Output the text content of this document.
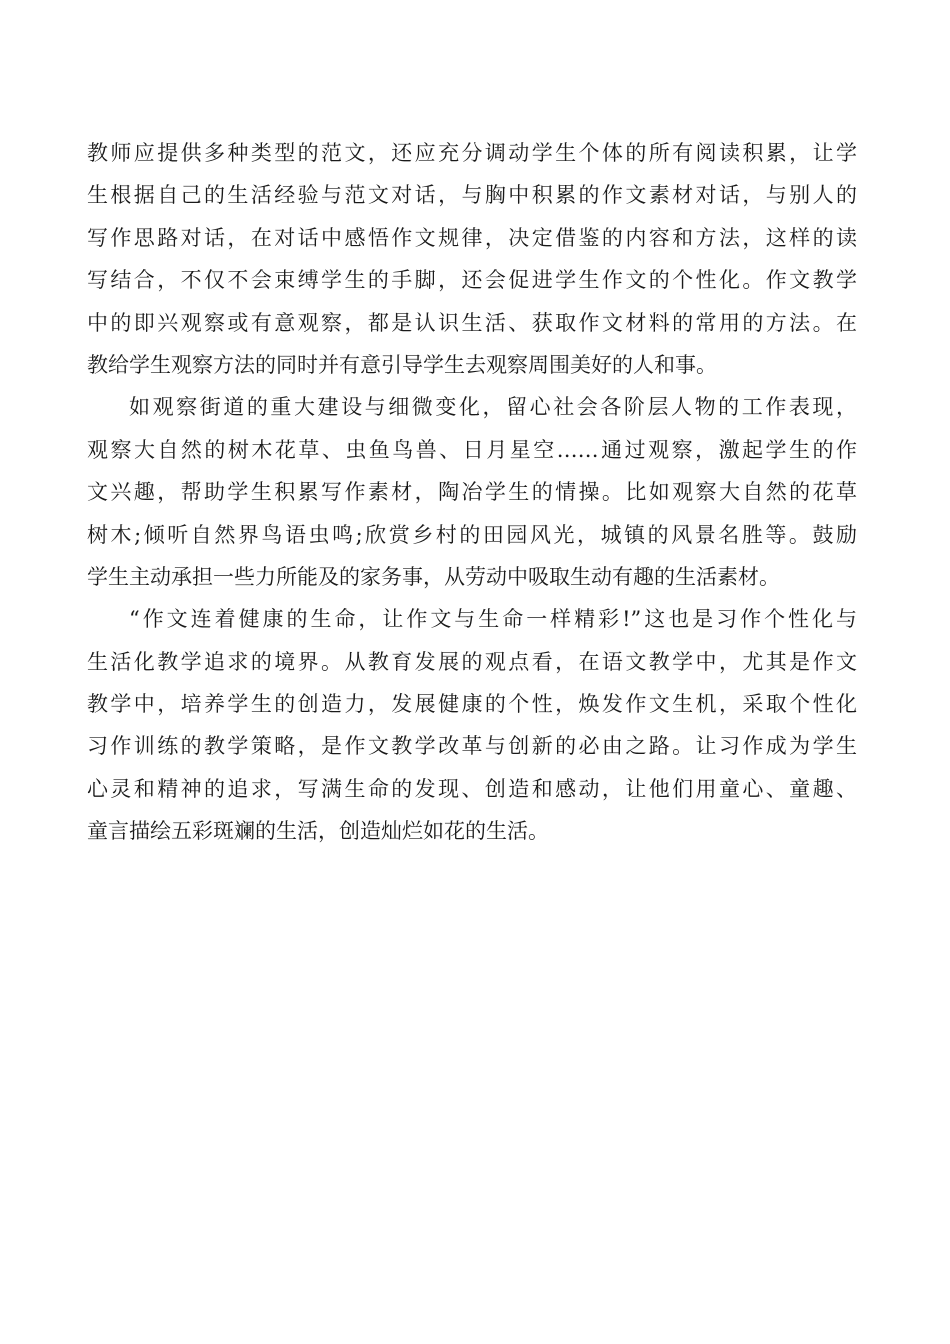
教师应提供多种类型的范文，还应充分调动学生个体的所有阅读积累，让学
生根据自己的生活经验与范文对话，与胸中积累的作文素材对话，与别人的
写作思路对话，在对话中感悟作文规律，决定借鉴的内容和方法，这样的读
写结合，不仅不会束缚学生的手脚，还会促进学生作文的个性化。作文教学
中的即兴观察或有意观察，都是认识生活、获取作文材料的常用的方法。在
教给学生观察方法的同时并有意引导学生去观察周围美好的人和事。
如观察街道的重大建设与细微变化，留心社会各阶层人物的工作表现，
观察大自然的树木花草、虫鱼鸟兽、日月星空……通过观察，激起学生的作
文兴趣，帮助学生积累写作素材，陶冶学生的情操。比如观察大自然的花草
树木;倾听自然界鸟语虫鸣;欣赏乡村的田园风光，城镇的风景名胜等。鼓励
学生主动承担一些力所能及的家务事，从劳动中吸取生动有趣的生活素材。
“作文连着健康的生命，让作文与生命一样精彩!”这也是习作个性化与
生活化教学追求的境界。从教育发展的观点看，在语文教学中，尤其是作文
教学中，培养学生的创造力，发展健康的个性，焕发作文生机，采取个性化
习作训练的教学策略，是作文教学改革与创新的必由之路。让习作成为学生
心灵和精神的追求，写满生命的发现、创造和感动，让他们用童心、童趣、
童言描绘五彩斑斓的生活，创造灿烂如花的生活。
